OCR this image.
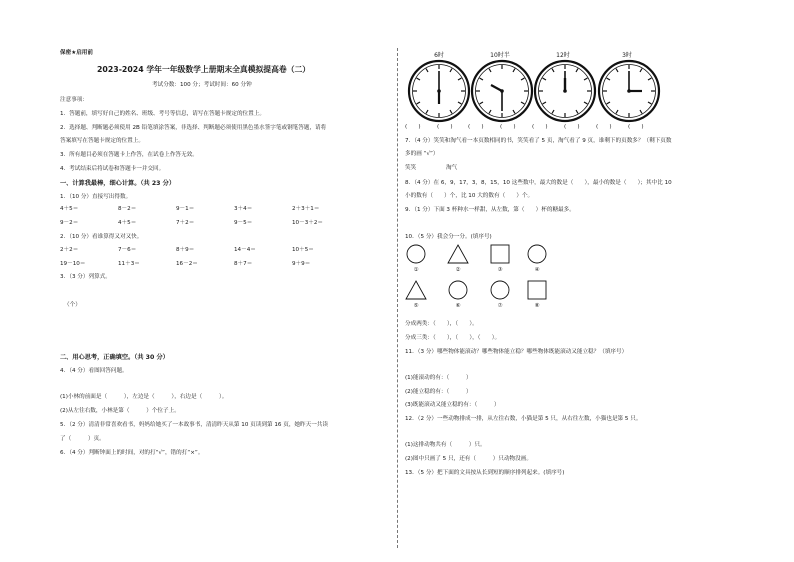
保密★启用前
2023-2024 学年一年级数学上册期末全真模拟提高卷（二）
考试分数：100 分；考试时间：60 分钟
注意事项：
1．答题前，填写好自己的姓名、班级、考号等信息，请写在答题卡规定的位置上。
2．选择题、判断题必须使用 2B 铅笔填涂答案，非选择、判断题必须使用黑色墨水签字笔或钢笔答题，请将
答案填写在答题卡规定的位置上。
3．所有题目必须在答题卡上作答，在试卷上作答无效。
4．考试结束后将试卷和答题卡一并交回。
一、计算我最棒，细心计算。（共 23 分）
1．（10 分）直接写出得数。
4＋5＝	8－2＝	9－1＝	3＋4＝	2＋3＋1＝
9－2＝	4＋5＝	7＋2＝	9－5＝	10－3＋2＝
2．（10 分）看谁算得又对又快。
2＋2＝	7－6＝	8＋9＝	14－4＝	10＋5＝
19－10＝	11＋3＝	16－2＝	8＋7＝	9＋9＝
3．（3 分）列算式。
（个）
二、用心思考，正确填空。（共 30 分）
4．（4 分）看图回答问题。
(1)小林的前面是（　　　），左边是（　　　），右边是（　　　）。
(2)从左往右数，小林是第（　　　）个位子上。
5．（2 分）清清非常喜欢看书，妈妈给她买了一本故事书，清清昨天从第 10 页读到第 16 页，她昨天一共读
了（　　　）页。
6．（4 分）判断钟面上的时间，对的打“√”，错的打“×”。
6时	10时半	12时	3时
(　　)	(　　)	(　　)	(　　)	(　　)	(　　)	(　　)	(　　)
7．（4 分）笑笑和淘气看一本页数相同的书，笑笑看了 5 页，淘气看了 9 页，谁剩下的页数多？（剩下页数
多的画 “√”）
笑笑	淘气
8．（4 分）在 6，9，17，3，8，15，10 这些数中，最大的数是（　　），最小的数是（　　）；其中比 10
小的数有（　　）个，比 10 大的数有（　　）个。
9．（1 分）下面 3 杯种水一样甜，从左数，第（　　）杯的糖最多。
10．（5 分）我会分一分。(填序号)
①	②	③	④
⑤	⑥	⑦	⑧
分成两类：（　　），（　　）。
分成三类：（　　），（　　），（　　）。
11．（3 分）哪些物体能滚动？哪些物体能立稳？哪些物体既能滚动又能立稳？（填序号）
(1)能滚动的有：（　　　）
(2)能立稳的有：（　　　）
(3)既能滚动又能立稳的有：（　　　）
12．（2 分）一些动物排成一排，从左往右数，小猫是第 5 只，从右往左数，小猫也是第 5 只。
(1)这排动物共有（　　　）只。
(2)图中只画了 5 只，还有（　　　）只动物没画。
13．（5 分）把下面的文具按从长到短的顺序排列起来。(填序号)
